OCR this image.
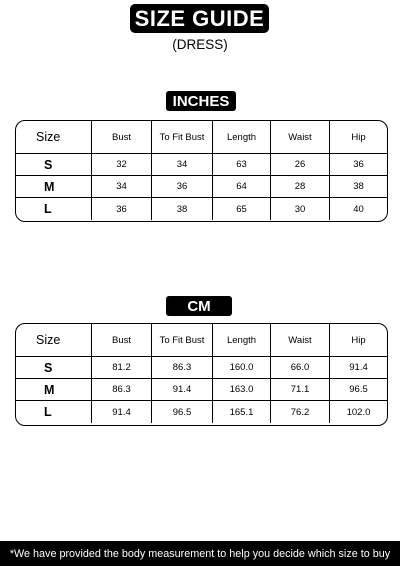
SIZE GUIDE
(DRESS)
INCHES
Size	Bust	To Fit Bust	Length	Waist	Hip
S	32	34	63	26	36
M	34	36	64	28	38
L	36	38	65	30	40
CM
Size	Bust	To Fit Bust	Length	Waist	Hip
S	81.2	86.3	160.0	66.0	91.4
M	86.3	91.4	163.0	71.1	96.5
L	91.4	96.5	165.1	76.2	102.0
*We have provided the body measurement to help you decide which size to buy
